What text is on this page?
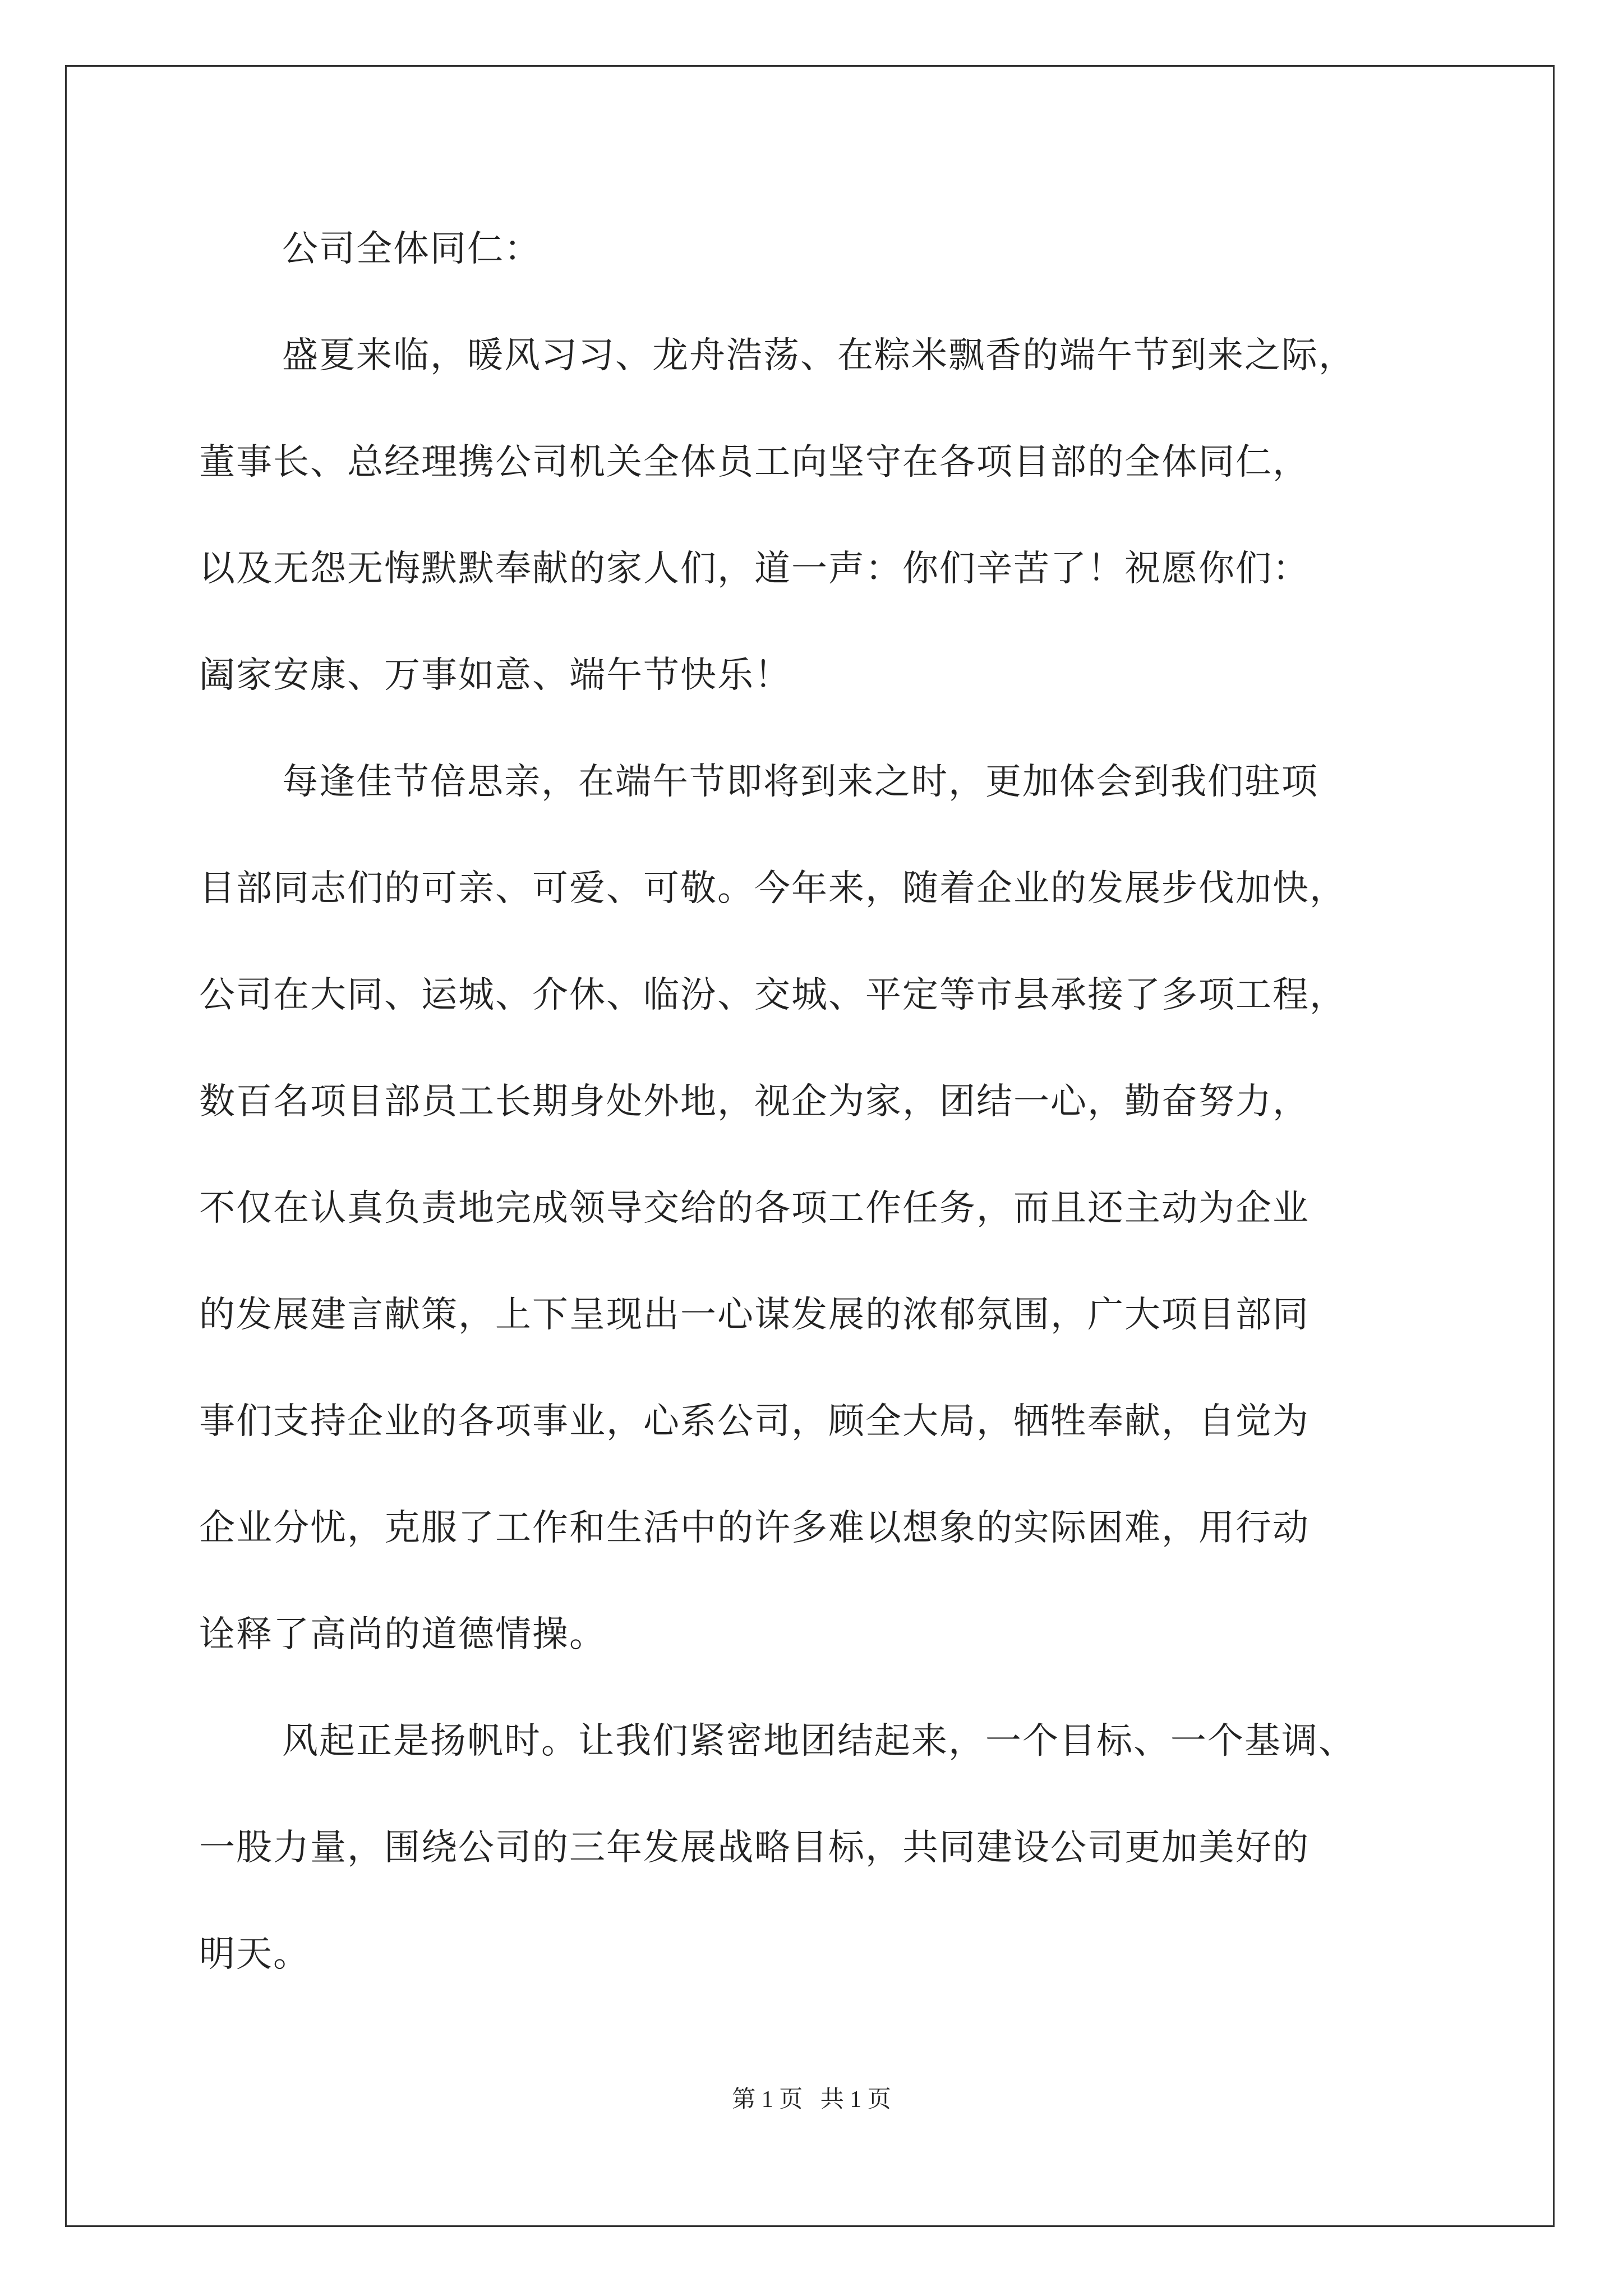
公司全体同仁：
盛夏来临，暖风习习、龙舟浩荡、在粽米飘香的端午节到来之际，
董事长、总经理携公司机关全体员工向坚守在各项目部的全体同仁，
以及无怨无悔默默奉献的家人们，道一声：你们辛苦了！祝愿你们：
阖家安康、万事如意、端午节快乐！
每逢佳节倍思亲，在端午节即将到来之时，更加体会到我们驻项
目部同志们的可亲、可爱、可敬。今年来，随着企业的发展步伐加快，
公司在大同、运城、介休、临汾、交城、平定等市县承接了多项工程，
数百名项目部员工长期身处外地，视企为家，团结一心，勤奋努力，
不仅在认真负责地完成领导交给的各项工作任务，而且还主动为企业
的发展建言献策，上下呈现出一心谋发展的浓郁氛围，广大项目部同
事们支持企业的各项事业，心系公司，顾全大局，牺牲奉献，自觉为
企业分忧，克服了工作和生活中的许多难以想象的实际困难，用行动
诠释了高尚的道德情操。
风起正是扬帆时。让我们紧密地团结起来，一个目标、一个基调、
一股力量，围绕公司的三年发展战略目标，共同建设公司更加美好的
明天。
第 1 页   共 1 页
